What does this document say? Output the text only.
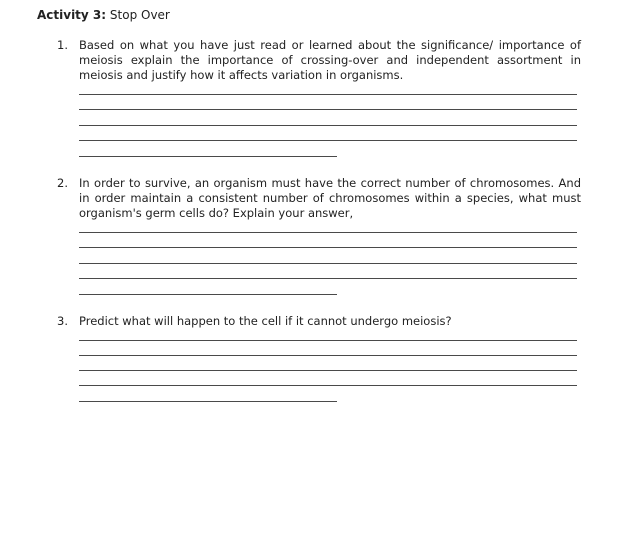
Activity 3: Stop Over
1. Based on what you have just read or learned about the significance/ importance of meiosis explain the importance of crossing-over and independent assortment in meiosis and justify how it affects variation in organisms.
2. In order to survive, an organism must have the correct number of chromosomes. And in order maintain a consistent number of chromosomes within a species, what must organism's germ cells do? Explain your answer,
3. Predict what will happen to the cell if it cannot undergo meiosis?
